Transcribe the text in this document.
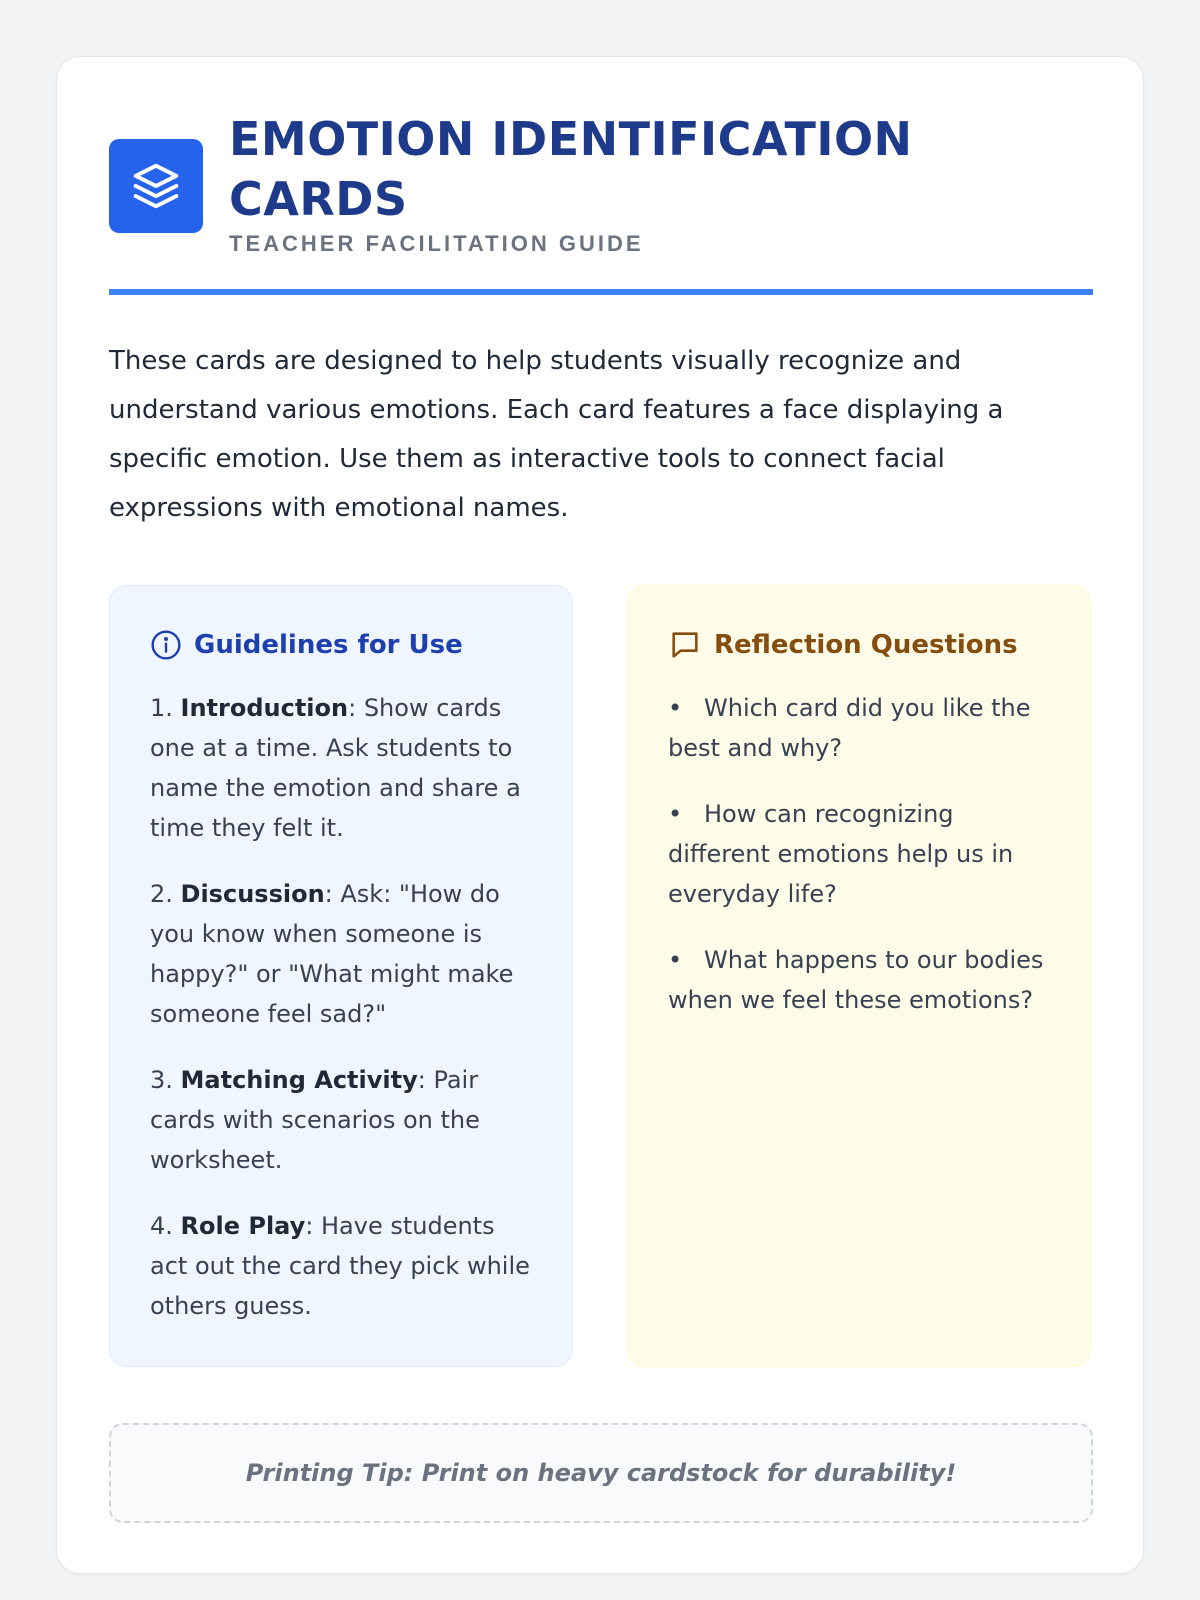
EMOTION IDENTIFICATION
CARDS
TEACHER FACILITATION GUIDE

These cards are designed to help students visually recognize and understand various emotions. Each card features a face displaying a specific emotion. Use them as interactive tools to connect facial expressions with emotional names.

Guidelines for Use

1. Introduction: Show cards one at a time. Ask students to name the emotion and share a time they felt it.

2. Discussion: Ask: "How do you know when someone is happy?" or "What might make someone feel sad?"

3. Matching Activity: Pair cards with scenarios on the worksheet.

4. Role Play: Have students act out the card they pick while others guess.

Reflection Questions

• Which card did you like the best and why?

• How can recognizing different emotions help us in everyday life?

• What happens to our bodies when we feel these emotions?

Printing Tip: Print on heavy cardstock for durability!
